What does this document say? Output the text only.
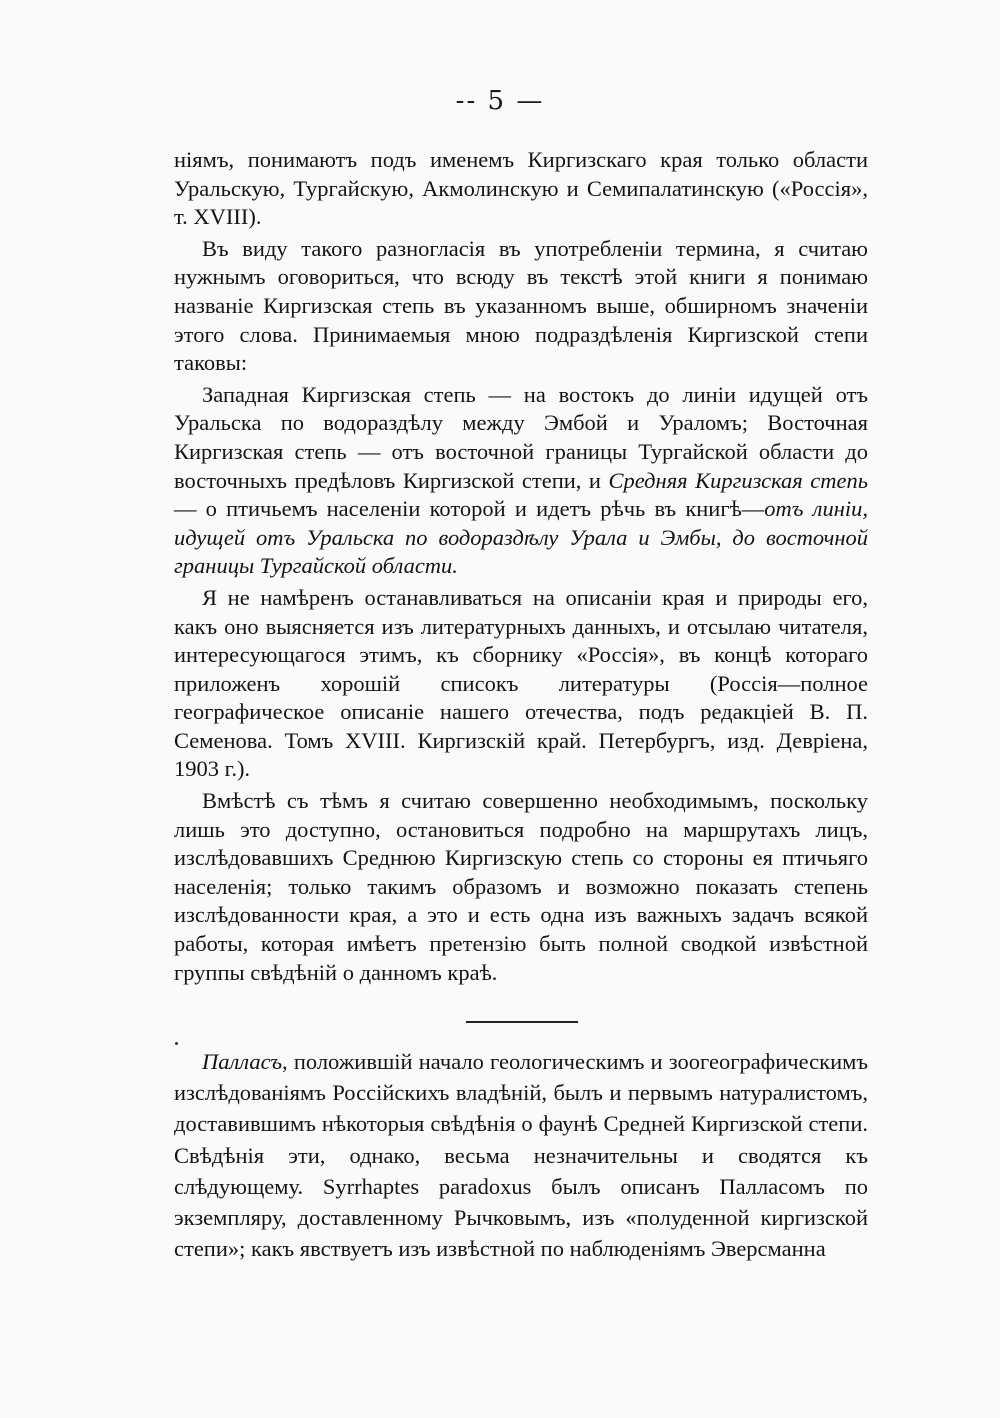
-- 5 —

ніямъ, понимаютъ подъ именемъ Киргизскаго края только области Уральскую, Тургайскую, Акмолинскую и Семипалатинскую («Россія», т. XVIII).

Въ виду такого разногласія въ употребленіи термина, я считаю нужнымъ оговориться, что всюду въ текстѣ этой книги я понимаю названіе Киргизская степь въ указанномъ выше, обширномъ значеніи этого слова. Принимаемыя мною подраздѣленія Киргизской степи таковы:

Западная Киргизская степь — на востокъ до линіи идущей отъ Уральска по водораздѣлу между Эмбой и Ураломъ; Восточная Киргизская степь — отъ восточной границы Тургайской области до восточныхъ предѣловъ Киргизской степи, и Средняя Киргизская степь— о птичьемъ населеніи которой и идетъ рѣчь въ книгѣ—отъ линіи, идущей отъ Уральска по водораздѣлу Урала и Эмбы, до восточной границы Тургайской области.

Я не намѣренъ останавливаться на описаніи края и природы его, какъ оно выясняется изъ литературныхъ данныхъ, и отсылаю читателя, интересующагося этимъ, къ сборнику «Россія», въ концѣ котораго приложенъ хорошій списокъ литературы (Россія—полное географическое описаніе нашего отечества, подъ редакціей В. П. Семенова. Томъ XVIII. Киргизскій край. Петербургъ, изд. Девріена, 1903 г.).

Вмѣстѣ съ тѣмъ я считаю совершенно необходимымъ, поскольку лишь это доступно, остановиться подробно на маршрутахъ лицъ, изслѣдовавшихъ Среднюю Киргизскую степь со стороны ея птичьяго населенія; только такимъ образомъ и возможно показать степень изслѣдованности края, а это и есть одна изъ важныхъ задачъ всякой работы, которая имѣетъ претензію быть полной сводкой извѣстной группы свѣдѣній о данномъ краѣ.

Палласъ, положившій начало геологическимъ и зоогеографическимъ изслѣдованіямъ Россійскихъ владѣній, былъ и первымъ натуралистомъ, доставившимъ нѣкоторыя свѣдѣнія о фаунѣ Средней Киргизской степи. Свѣдѣнія эти, однако, весьма незначительны и сводятся къ слѣдующему. Syrrhaptes paradoxus былъ описанъ Палласомъ по экземпляру, доставленному Рычковымъ, изъ «полуденной киргизской степи»; какъ явствуетъ изъ извѣстной по наблюденіямъ Эверсманна
